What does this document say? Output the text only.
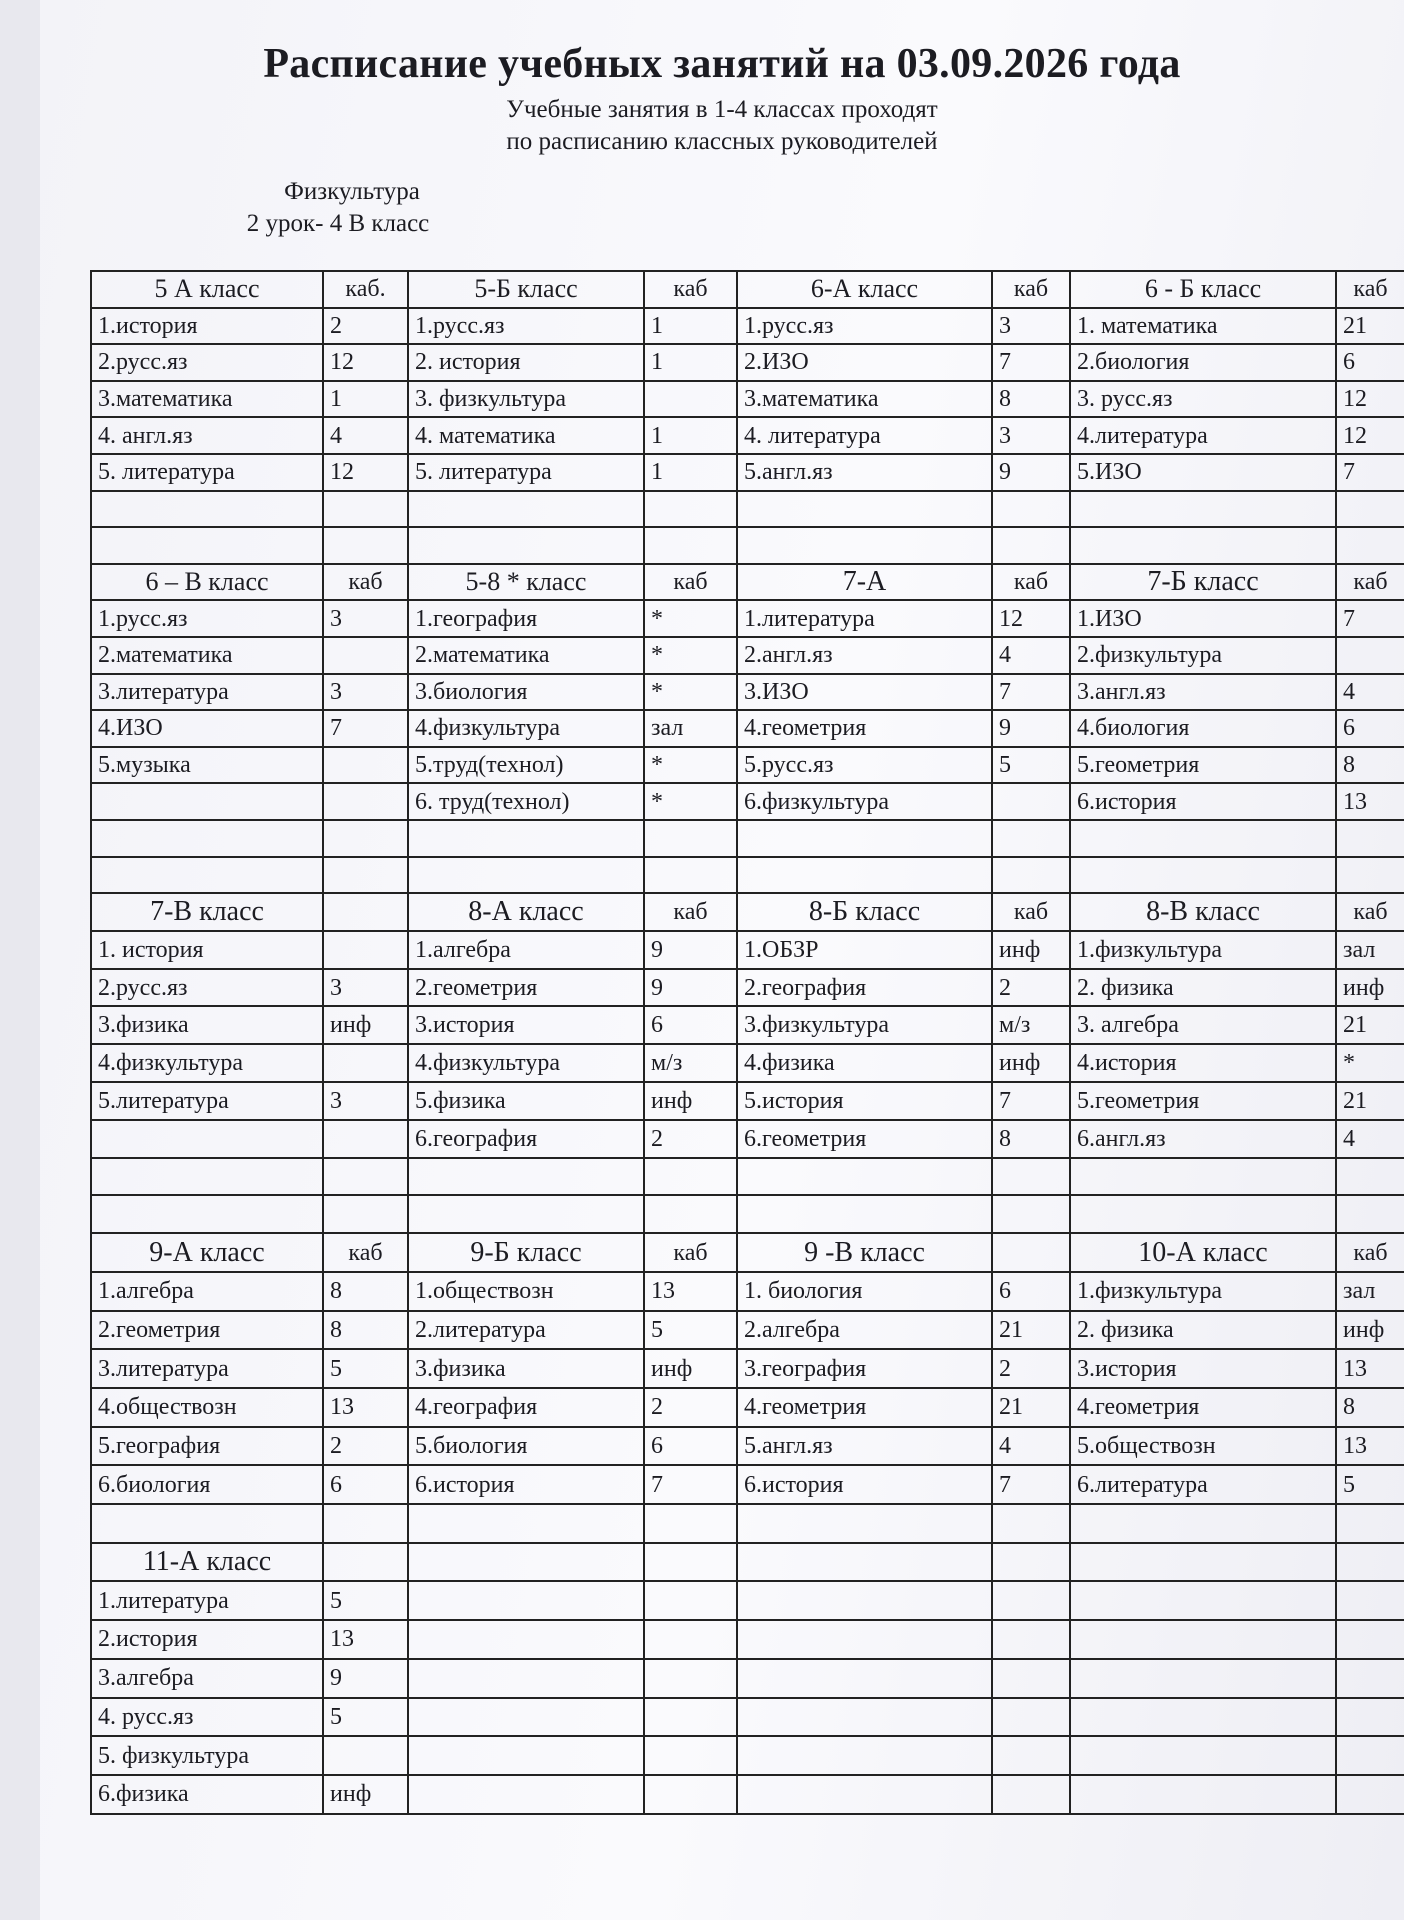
Расписание учебных занятий на 03.09.2026 года
Учебные занятия в 1-4 классах проходят
по расписанию классных руководителей
Физкультура
2 урок- 4 В класс
5 А класс	каб.
1.история	2
2.русс.яз	12
3.математика	1
4. англ.яз	4
5. литература	12
5-Б класс	каб
1.русс.яз	1
2. история	1
3. физкультура
4. математика	1
5. литература	1
6-А класс	каб
1.русс.яз	3
2.ИЗО	7
3.математика	8
4. литература	3
5.англ.яз	9
6 - Б класс	каб
1. математика	21
2.биология	6
3. русс.яз	12
4.литература	12
5.ИЗО	7
6 – В класс	каб
1.русс.яз	3
2.математика
3.литература	3
4.ИЗО	7
5.музыка
5-8 * класс	каб
1.география	*
2.математика	*
3.биология	*
4.физкультура	зал
5.труд(технол)	*
6. труд(технол)	*
7-А	каб
1.литература	12
2.англ.яз	4
3.ИЗО	7
4.геометрия	9
5.русс.яз	5
6.физкультура
7-Б класс	каб
1.ИЗО	7
2.физкультура
3.англ.яз	4
4.биология	6
5.геометрия	8
6.история	13
7-В класс
1. история
2.русс.яз	3
3.физика	инф
4.физкультура
5.литература	3
8-А класс	каб
1.алгебра	9
2.геометрия	9
3.история	6
4.физкультура	м/з
5.физика	инф
6.география	2
8-Б класс	каб
1.ОБЗР	инф
2.география	2
3.физкультура	м/з
4.физика	инф
5.история	7
6.геометрия	8
8-В класс	каб
1.физкультура	зал
2. физика	инф
3. алгебра	21
4.история	*
5.геометрия	21
6.англ.яз	4
9-А класс	каб
1.алгебра	8
2.геометрия	8
3.литература	5
4.обществозн	13
5.география	2
6.биология	6
11-А класс
1.литература	5
2.история	13
3.алгебра	9
4. русс.яз	5
5. физкультура
6.физика	инф
9-Б класс	каб
1.обществозн	13
2.литература	5
3.физика	инф
4.география	2
5.биология	6
6.история	7
9 -В класс
1. биология	6
2.алгебра	21
3.география	2
4.геометрия	21
5.англ.яз	4
6.история	7
10-А класс	каб
1.физкультура	зал
2. физика	инф
3.история	13
4.геометрия	8
5.обществозн	13
6.литература	5
